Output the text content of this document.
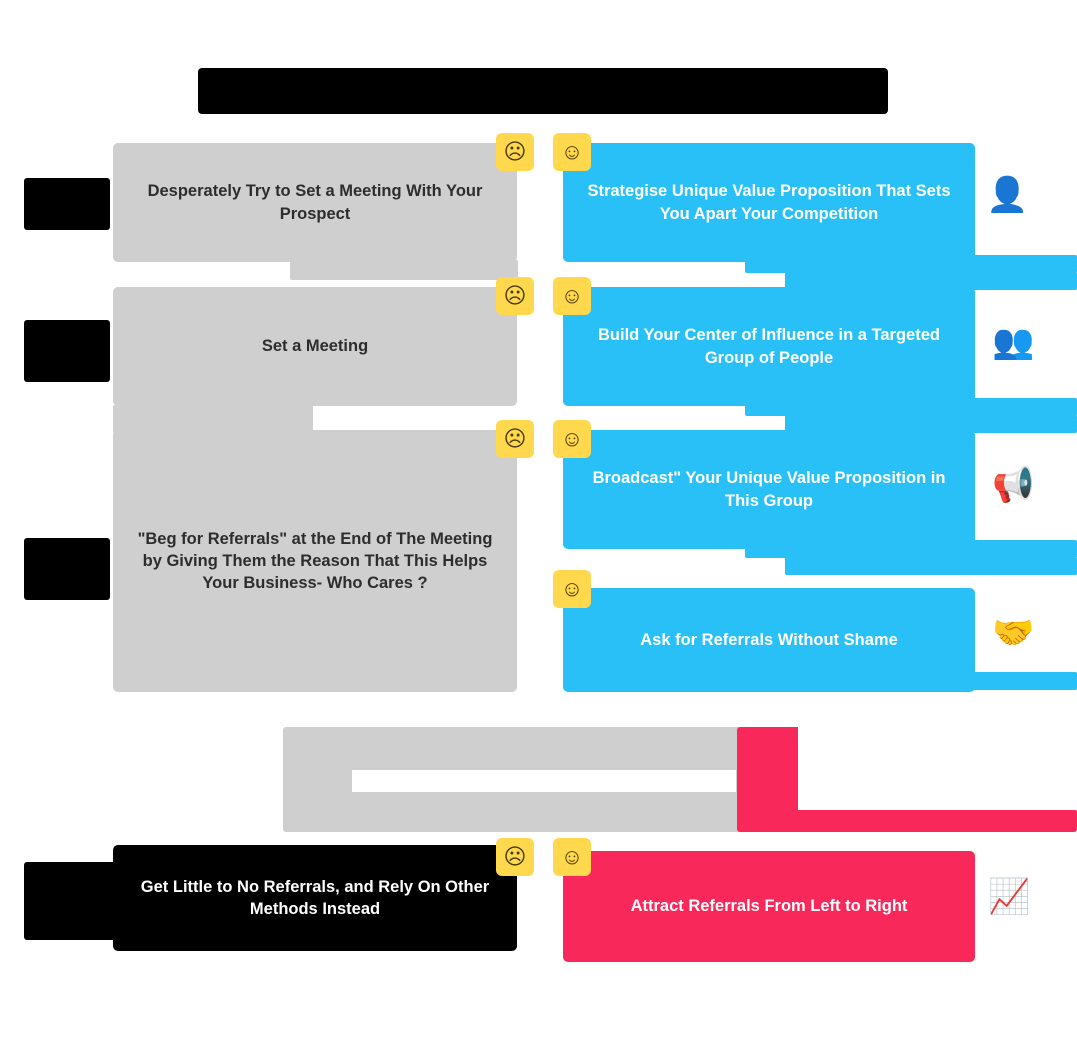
Old Method vs. New Referral Method
1
2
3
4
Desperately Try to Set a Meeting With Your Prospect
Strategise Unique Value Proposition That Sets You Apart Your Competition
☹ ☺
👤
Set a Meeting
Build Your Center of Influence in a Targeted Group of People
☹ ☺
👥
"Beg for Referrals" at the End of The Meeting by Giving Them the Reason That This Helps Your Business- Who Cares ?
Broadcast" Your Unique Value Proposition in This Group
☹ ☺
📢
Ask for Referrals Without Shame
☺
🤝
Get Little to No Referrals, and Rely On Other Methods Instead	Attract Referrals From Left to Right
☹ ☺
📈
